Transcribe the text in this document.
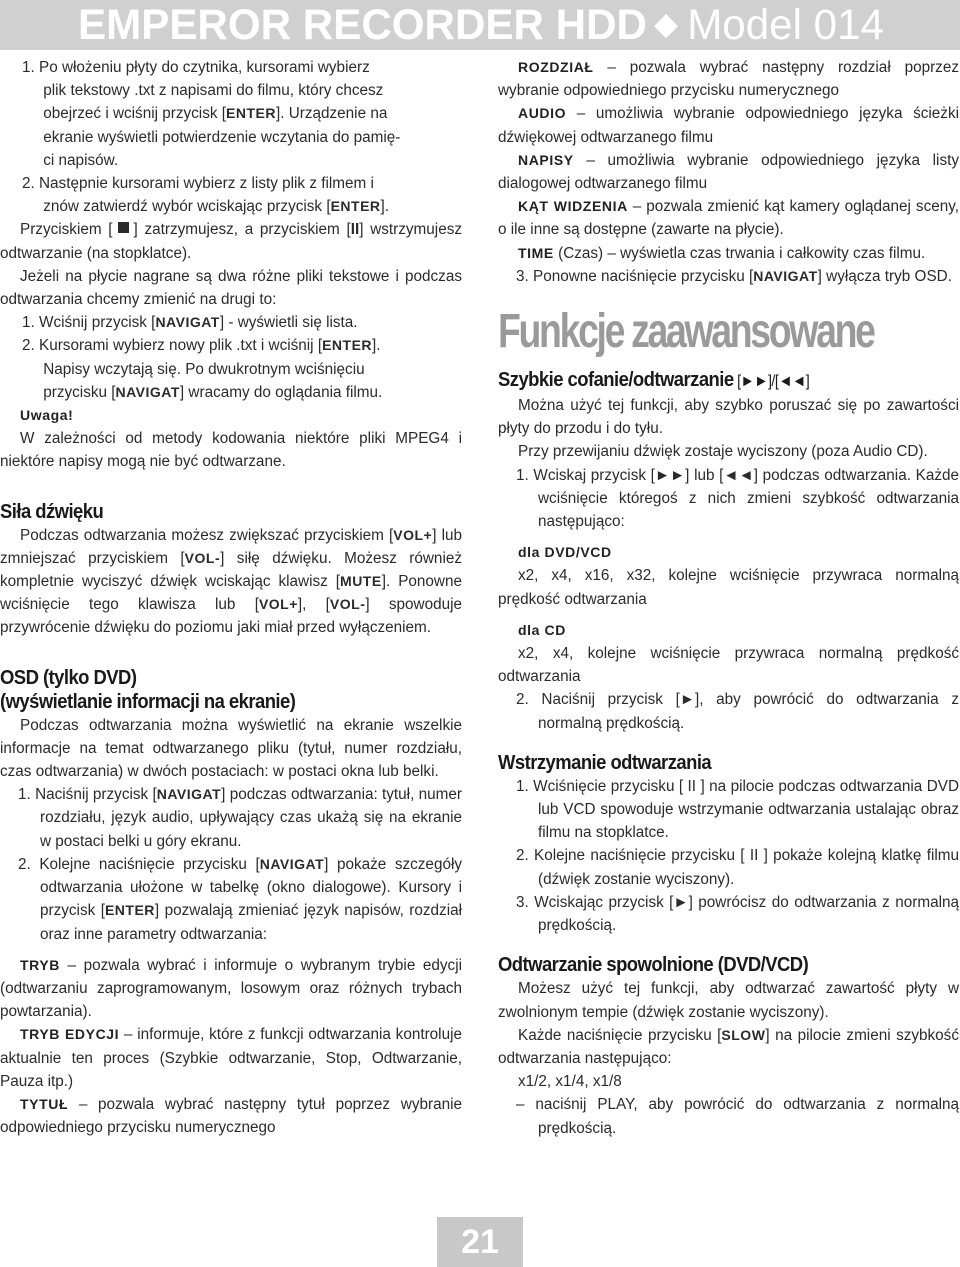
EMPEROR RECORDER HDD ◆ Model 014

1. Po włożeniu płyty do czytnika, kursorami wybierz
plik tekstowy .txt z napisami do filmu, który chcesz
obejrzeć i wciśnij przycisk [ENTER]. Urządzenie na
ekranie wyświetli potwierdzenie wczytania do pamię-
ci napisów.

2. Następnie kursorami wybierz z listy plik z filmem i
znów zatwierdź wybór wciskając przycisk [ENTER].

Przyciskiem [ ] zatrzymujesz, a przyciskiem [II] wstrzymujesz odtwarzanie (na stopklatce).

Jeżeli na płycie nagrane są dwa różne pliki tekstowe i podczas odtwarzania chcemy zmienić na drugi to:

1. Wciśnij przycisk [NAVIGAT] - wyświetli się lista.

2. Kursorami wybierz nowy plik .txt i wciśnij [ENTER].
Napisy wczytają się. Po dwukrotnym wciśnięciu
przycisku [NAVIGAT] wracamy do oglądania filmu.

Uwaga!

W zależności od metody kodowania niektóre pliki MPEG4 i niektóre napisy mogą nie być odtwarzane.

Siła dźwięku

Podczas odtwarzania możesz zwiększać przyciskiem [VOL+] lub zmniejszać przyciskiem [VOL-] siłę dźwięku. Możesz również kompletnie wyciszyć dźwięk wciskając klawisz [MUTE]. Ponowne wciśnięcie tego klawisza lub [VOL+], [VOL-] spowoduje przywrócenie dźwięku do poziomu jaki miał przed wyłączeniem.

OSD (tylko DVD)
(wyświetlanie informacji na ekranie)

Podczas odtwarzania można wyświetlić na ekranie wszelkie informacje na temat odtwarzanego pliku (tytuł, numer rozdziału, czas odtwarzania) w dwóch postaciach: w postaci okna lub belki.

1. Naciśnij przycisk [NAVIGAT] podczas odtwarzania: tytuł, numer rozdziału, język audio, upływający czas ukażą się na ekranie w postaci belki u góry ekranu.

2. Kolejne naciśnięcie przycisku [NAVIGAT] pokaże szczegóły odtwarzania ułożone w tabelkę (okno dialogowe). Kursory i przycisk [ENTER] pozwalają zmieniać język napisów, rozdział oraz inne parametry odtwarzania:

TRYB – pozwala wybrać i informuje o wybranym trybie edycji (odtwarzaniu zaprogramowanym, losowym oraz różnych trybach powtarzania).

TRYB EDYCJI – informuje, które z funkcji odtwarzania kontroluje aktualnie ten proces (Szybkie odtwarzanie, Stop, Odtwarzanie, Pauza itp.)

TYTUŁ – pozwala wybrać następny tytuł poprzez wybranie odpowiedniego przycisku numerycznego

ROZDZIAŁ – pozwala wybrać następny rozdział poprzez wybranie odpowiedniego przycisku numerycznego

AUDIO – umożliwia wybranie odpowiedniego języka ścieżki dźwiękowej odtwarzanego filmu

NAPISY – umożliwia wybranie odpowiedniego języka listy dialogowej odtwarzanego filmu

KĄT WIDZENIA – pozwala zmienić kąt kamery oglądanej sceny, o ile inne są dostępne (zawarte na płycie).

TIME (Czas) – wyświetla czas trwania i całkowity czas filmu.

3. Ponowne naciśnięcie przycisku [NAVIGAT] wyłącza tryb OSD.

Funkcje zaawansowane
Szybkie cofanie/odtwarzanie [►►]/[◄◄]

Można użyć tej funkcji, aby szybko poruszać się po zawartości płyty do przodu i do tyłu.

Przy przewijaniu dźwięk zostaje wyciszony (poza Audio CD).

1. Wciskaj przycisk [►►] lub [◄◄] podczas odtwarzania. Każde wciśnięcie któregoś z nich zmieni szybkość odtwarzania następująco:

dla DVD/VCD

x2, x4, x16, x32, kolejne wciśnięcie przywraca normalną prędkość odtwarzania

dla CD

x2, x4, kolejne wciśnięcie przywraca normalną prędkość odtwarzania

2. Naciśnij przycisk [►], aby powrócić do odtwarzania z normalną prędkością.

Wstrzymanie odtwarzania

1. Wciśnięcie przycisku [ II ] na pilocie podczas odtwarzania DVD lub VCD spowoduje wstrzymanie odtwarzania ustalając obraz filmu na stopklatce.

2. Kolejne naciśnięcie przycisku [ II ] pokaże kolejną klatkę filmu (dźwięk zostanie wyciszony).

3. Wciskając przycisk [►] powrócisz do odtwarzania z normalną prędkością.

Odtwarzanie spowolnione (DVD/VCD)

Możesz użyć tej funkcji, aby odtwarzać zawartość płyty w zwolnionym tempie (dźwięk zostanie wyciszony).

Każde naciśnięcie przycisku [SLOW] na pilocie zmieni szybkość odtwarzania następująco:

x1/2, x1/4, x1/8

– naciśnij PLAY, aby powrócić do odtwarzania z normalną prędkością.

21
